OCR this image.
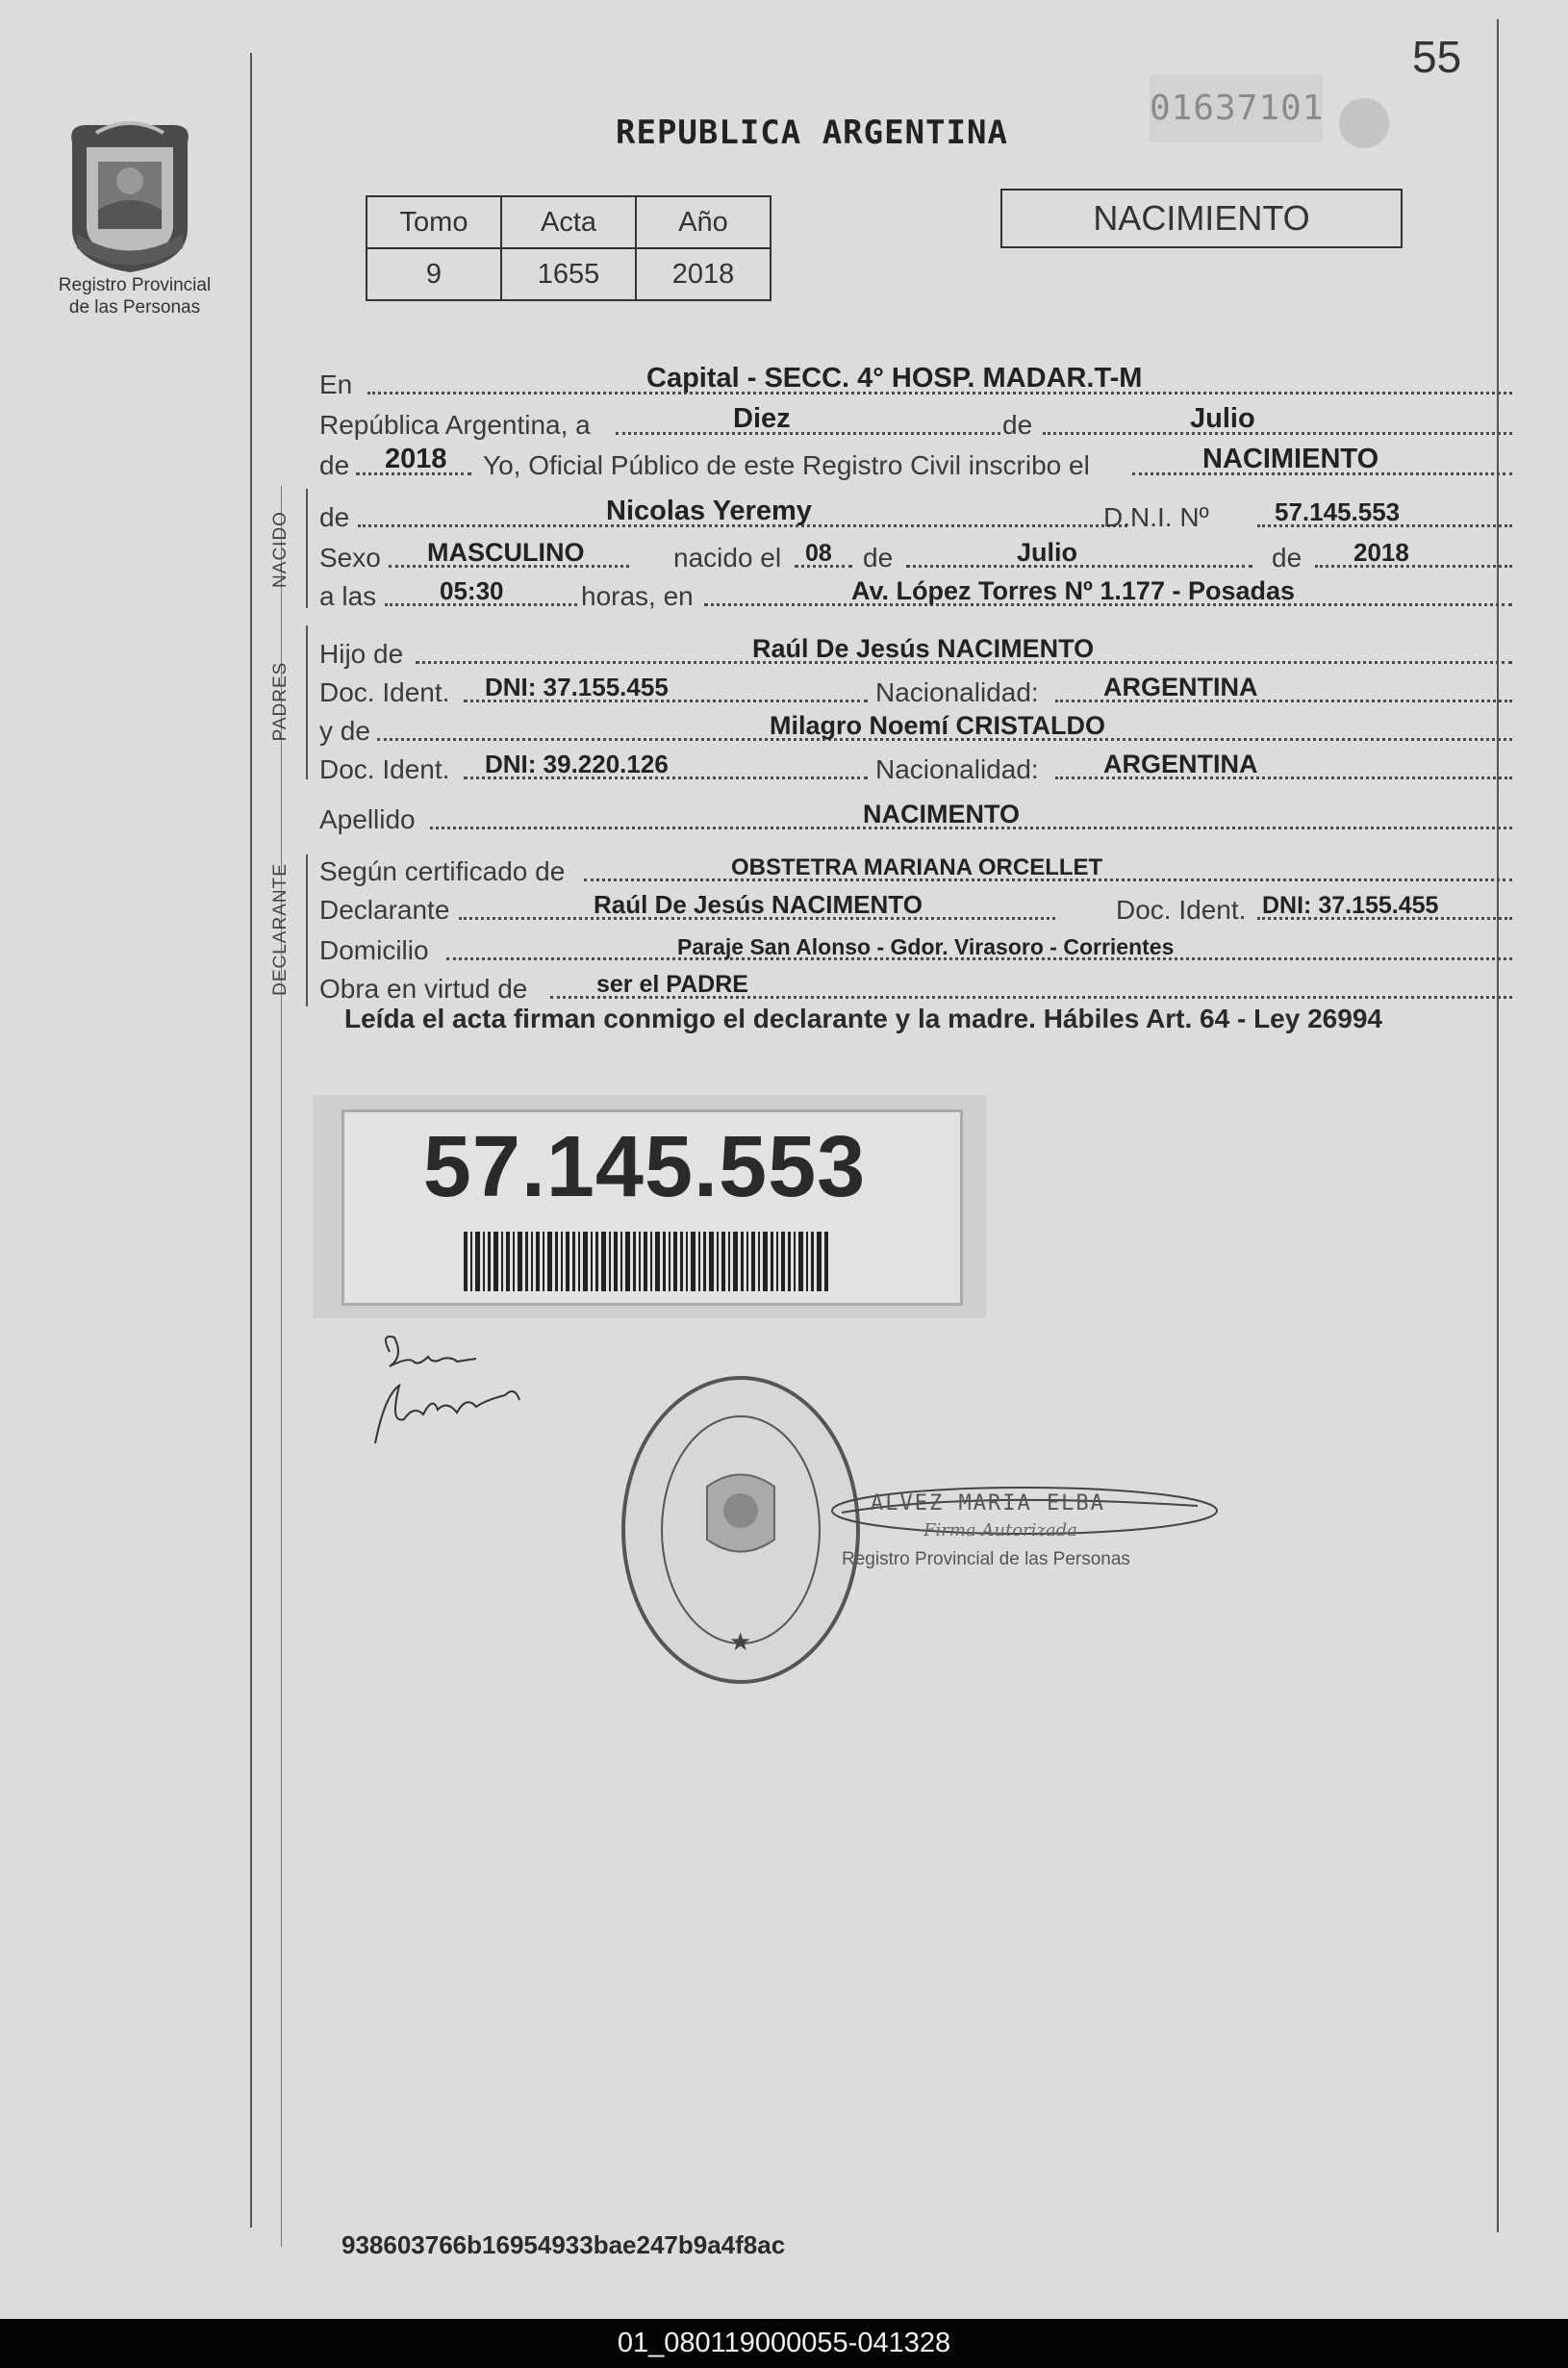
55
01637101
Registro Provincial
de las Personas
REPUBLICA ARGENTINA
Tomo	Acta	Año
9	1655	2018
NACIMIENTO
En	Capital - SECC. 4° HOSP. MADAR.T-M
República Argentina, a	Diez	de	Julio
de 2018 Yo, Oficial Público de este Registro Civil inscribo el	NACIMIENTO
NACIDO de	Nicolas Yeremy	D.N.I. Nº	57.145.553
Sexo MASCULINO	nacido el 08 de	Julio	de 2018
a las	05:30	horas, en	Av. López Torres Nº 1.177 - Posadas
PADRES
Hijo de	Raúl De Jesús NACIMENTO
Doc. Ident. DNI: 37.155.455	Nacionalidad: ARGENTINA
y de	Milagro Noemí CRISTALDO
Doc. Ident. DNI: 39.220.126	Nacionalidad: ARGENTINA
Apellido	NACIMENTO
DECLARANTE Según certificado de	OBSTETRA MARIANA ORCELLET
Declarante	Raúl De Jesús NACIMENTO	Doc. Ident. DNI: 37.155.455
Domicilio	Paraje San Alonso - Gdor. Virasoro - Corrientes
Obra en virtud de	ser el PADRE
Leída el acta firman conmigo el declarante y la madre. Hábiles Art. 64 - Ley 26994
57.145.553
★
ALVEZ MARIA ELBA
Firma Autorizada
Registro Provincial de las Personas
938603766b16954933bae247b9a4f8ac
01_080119000055-041328
